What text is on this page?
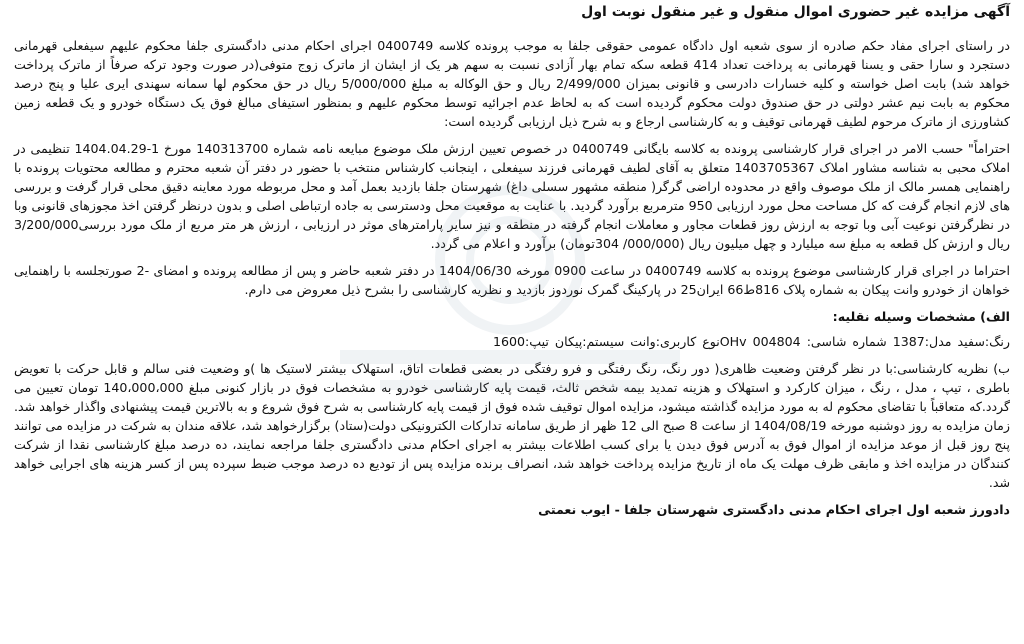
آگهی مزایده غیر حضوری اموال منقول و غیر منقول نوبت اول

در راستای اجرای مفاد حکم صادره از سوی شعبه اول دادگاه عمومی حقوقی جلفا به موجب پرونده کلاسه 0400749 اجرای احکام مدنی دادگستری جلفا محکوم علیهم سیفعلی قهرمانی دستجرد و سارا حقی و یسنا قهرمانی به پرداخت تعداد 414 قطعه سکه تمام بهار آزادی نسبت به سهم هر یک از ایشان از ماترک زوج متوفی(در صورت وجود ترکه صرفاً از ماترک پرداخت خواهد شد) بابت اصل خواسته و کلیه خسارات دادرسی و قانونی بمیزان 2/499/000 ریال و حق الوکاله به مبلغ 5/000/000 ریال در حق محکوم لها سمانه سهندی ایری علیا و پنج درصد محکوم به بابت نیم عشر دولتی در حق صندوق دولت محکوم گردیده است که به لحاظ عدم اجرائیه توسط محکوم علیهم و بمنظور استیفای مبالغ فوق یک دستگاه خودرو و یک قطعه زمین کشاورزی از ماترک مرحوم لطیف قهرمانی توقیف و به کارشناسی ارجاع و به شرح ذیل ارزیابی گردیده است:

احتراماً" حسب الامر در اجرای قرار کارشناسی پرونده به کلاسه بایگانی 0400749 در خصوص تعیین ارزش ملک موضوع مبایعه نامه شماره 140313700 مورخ 1-1404.04.29 تنظیمی در املاک محبی به شناسه مشاور املاک 1403705367 متعلق به آقای لطیف قهرمانی فرزند سیفعلی ، اینجانب کارشناس منتخب با حضور در دفتر آن شعبه محترم و مطالعه محتویات پرونده با راهنمایی همسر مالک از ملک موصوف واقع در محدوده اراضی گرگر( منطقه مشهور سسلی داغ) شهرستان جلفا بازدید بعمل آمد و محل مربوطه مورد معاینه دقیق محلی قرار گرفت و بررسی های لازم انجام گرفت که کل مساحت محل مورد ارزیابی 950 مترمربع برآورد گردید. با عنایت به موقعیت محل ودسترسی به جاده ارتباطی اصلی و بدون درنظر گرفتن اخذ مجوزهای قانونی وبا در نظرگرفتن نوعیت آبی وبا توجه به ارزش روز قطعات مجاور و معاملات انجام گرفته در منطقه و نیز سایر پارامترهای موثر در ارزیابی ، ارزش هر متر مربع از ملک مورد بررسی3/200/000 ریال و ارزش کل قطعه به مبلغ سه میلیارد و چهل میلیون ریال (000/000/ 304تومان) برآورد و اعلام می گردد.

احتراما در اجرای قرار کارشناسی موضوع پرونده به کلاسه 0400749 در ساعت 0900 مورخه 1404/06/30 در دفتر شعبه حاضر و پس از مطالعه پرونده و امضای -2 صورتجلسه با راهنمایی خواهان از خودرو وانت پیکان به شماره پلاک 816ط66 ایران25 در پارکینگ گمرک نوردوز بازدید و نظریه کارشناسی را بشرح ذیل معروض می دارم.

الف) مشخصات وسیله نقلیه:
رنگ:سفید مدل:1387 شماره شاسی: 004804 OHvنوع کاربری:وانت سیستم:پیکان تیپ:1600

ب) نظریه کارشناسی:با در نظر گرفتن وضعیت ظاهری( دور رنگ، رنگ رفتگی و فرو رفتگی در بعضی قطعات اتاق، استهلاک بیشتر لاستیک ها )و وضعیت فنی سالم و قابل حرکت با تعویض باطری ، تیپ ، مدل ، رنگ ، میزان کارکرد و استهلاک و هزینه تمدید بیمه شخص ثالث، قیمت پایه کارشناسی خودرو به مشخصات فوق در بازار کنونی مبلغ 140،000،000 تومان تعیین می گردد.که متعاقباً با تقاضای محکوم له به مورد مزایده گذاشته میشود، مزایده اموال توقیف شده فوق از قیمت پایه کارشناسی به شرح فوق شروع و به بالاترین قیمت پیشنهادی واگذار خواهد شد. زمان مزایده به روز دوشنبه مورخه 1404/08/19 از ساعت 8 صبح الی 12 ظهر از طریق سامانه تدارکات الکترونیکی دولت(ستاد) برگزارخواهد شد، علاقه مندان به شرکت در مزایده می توانند پنج روز قبل از موعد مزایده از اموال فوق به آدرس فوق دیدن یا برای کسب اطلاعات بیشتر به اجرای احکام مدنی دادگستری جلفا مراجعه نمایند، ده درصد مبلغ کارشناسی نقدا از شرکت کنندگان در مزایده اخذ و مابقی ظرف مهلت یک ماه از تاریخ مزایده پرداخت خواهد شد، انصراف برنده مزایده پس از تودیع ده درصد موجب ضبط سپرده پس از کسر هزینه های اجرایی خواهد شد.

دادورز شعبه اول اجرای احکام مدنی دادگستری شهرستان جلفا - ایوب نعمتی
